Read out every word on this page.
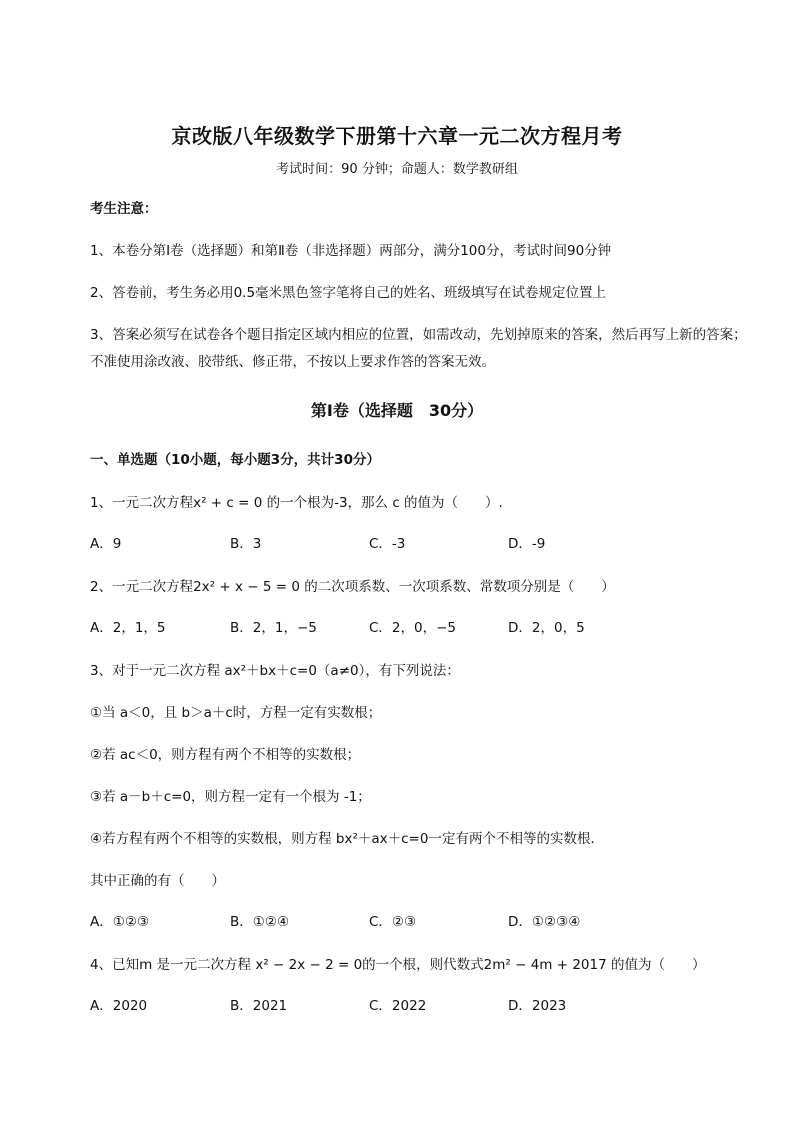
京改版八年级数学下册第十六章一元二次方程月考
考试时间：90 分钟；命题人：数学教研组
考生注意：
1、本卷分第Ⅰ卷（选择题）和第Ⅱ卷（非选择题）两部分，满分100分，考试时间90分钟
2、答卷前，考生务必用0.5毫米黑色签字笔将自己的姓名、班级填写在试卷规定位置上
3、答案必须写在试卷各个题目指定区域内相应的位置，如需改动，先划掉原来的答案，然后再写上新的答案；不准使用涂改液、胶带纸、修正带，不按以上要求作答的答案无效。
第Ⅰ卷（选择题　30分）
一、单选题（10小题，每小题3分，共计30分）
1、一元二次方程x² + c = 0 的一个根为-3，那么 c 的值为（　　）.
A．9	B．3	C．-3	D．-9
2、一元二次方程2x² + x − 5 = 0 的二次项系数、一次项系数、常数项分别是（　　）
A．2，1，5	B．2，1，−5	C．2，0，−5	D．2，0，5
3、对于一元二次方程 ax²＋bx＋c=0（a≠0），有下列说法：
①当 a＜0，且 b＞a＋c时，方程一定有实数根；
②若 ac＜0，则方程有两个不相等的实数根；
③若 a－b＋c=0，则方程一定有一个根为 -1；
④若方程有两个不相等的实数根，则方程 bx²＋ax＋c=0一定有两个不相等的实数根．
其中正确的有（　　）
A．①②③	B．①②④	C．②③	D．①②③④
4、已知m 是一元二次方程 x² − 2x − 2 = 0的一个根，则代数式2m² − 4m + 2017 的值为（　　）
A．2020	B．2021	C．2022	D．2023
